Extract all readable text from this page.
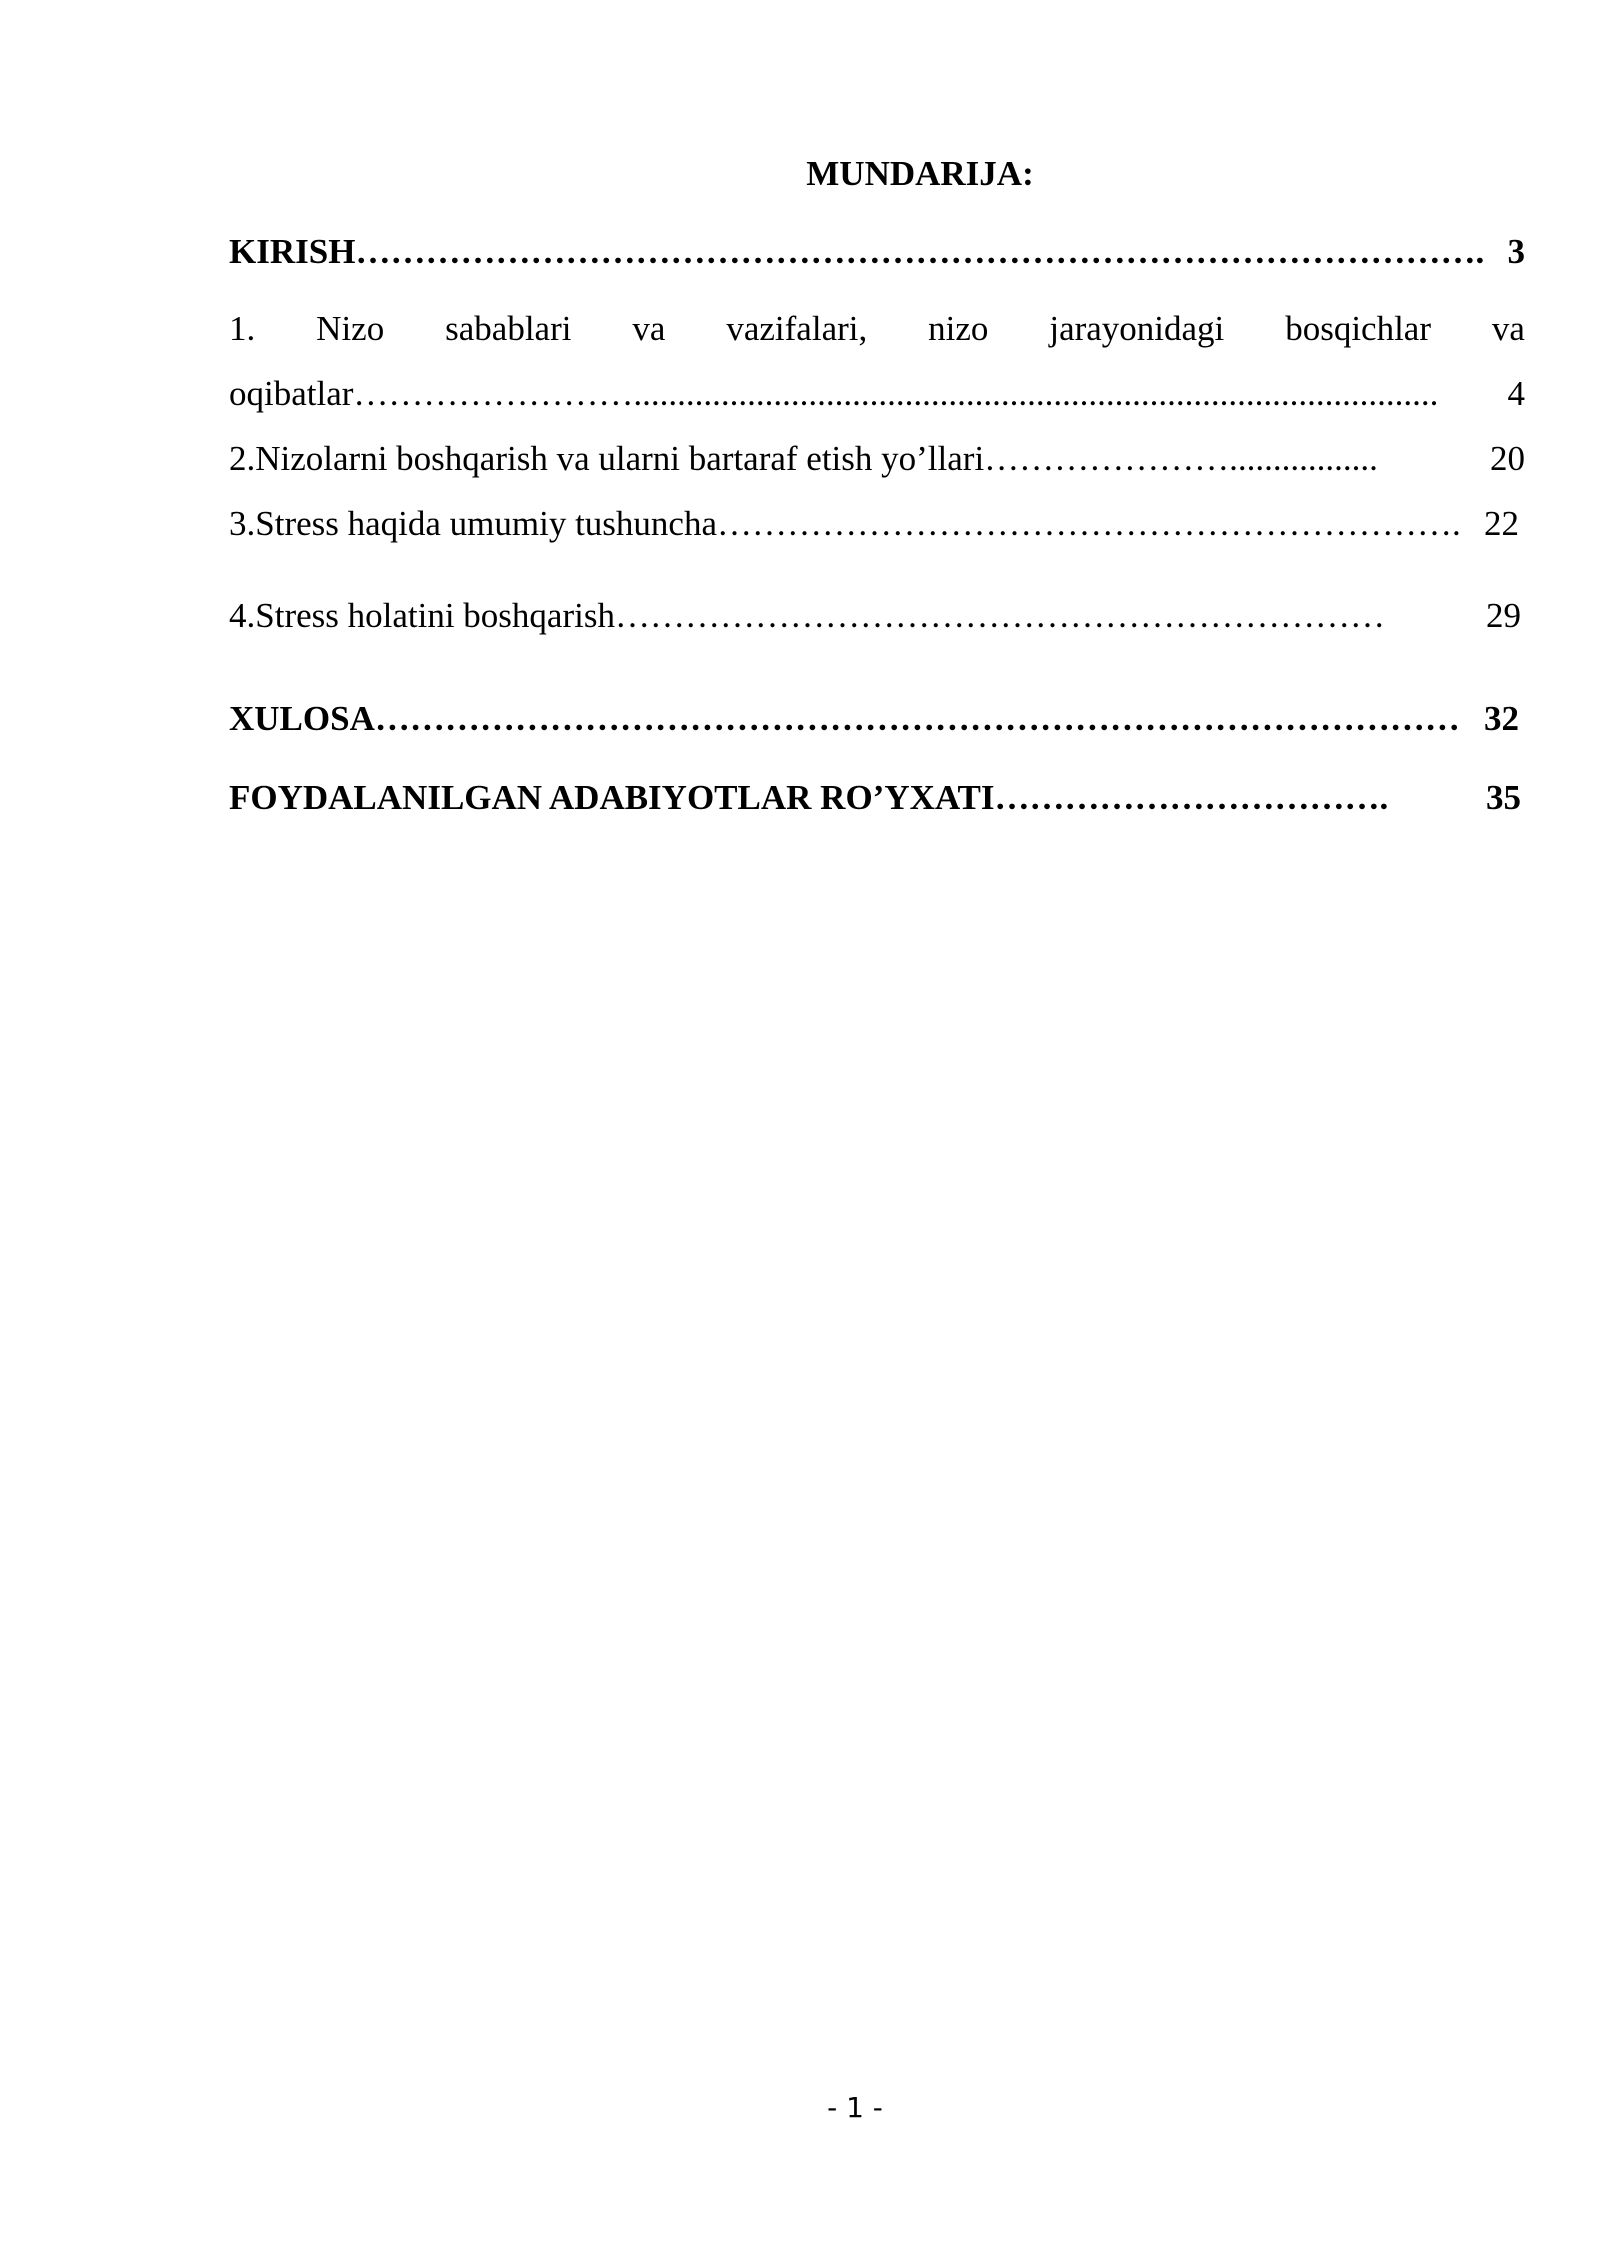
MUNDARIJA:
KIRISH ……………………………………………………………………………………. 3
1. Nizo sabablari va vazifalari, nizo jarayonidagi bosqichlar va
oqibatlar ……………………............................................................................................	4
2.Nizolarni boshqarish va ularni bartaraf etish yo’llari ………………….................	20
3.Stress haqida umumiy tushuncha ………………………………………………………. 22
4.Stress holatini boshqarish …………………………………………………………	29
XULOSA ………………………………………………………………………………… 32
FOYDALANILGAN ADABIYOTLAR RO’YXATI …………………………….	35
- 1 -
